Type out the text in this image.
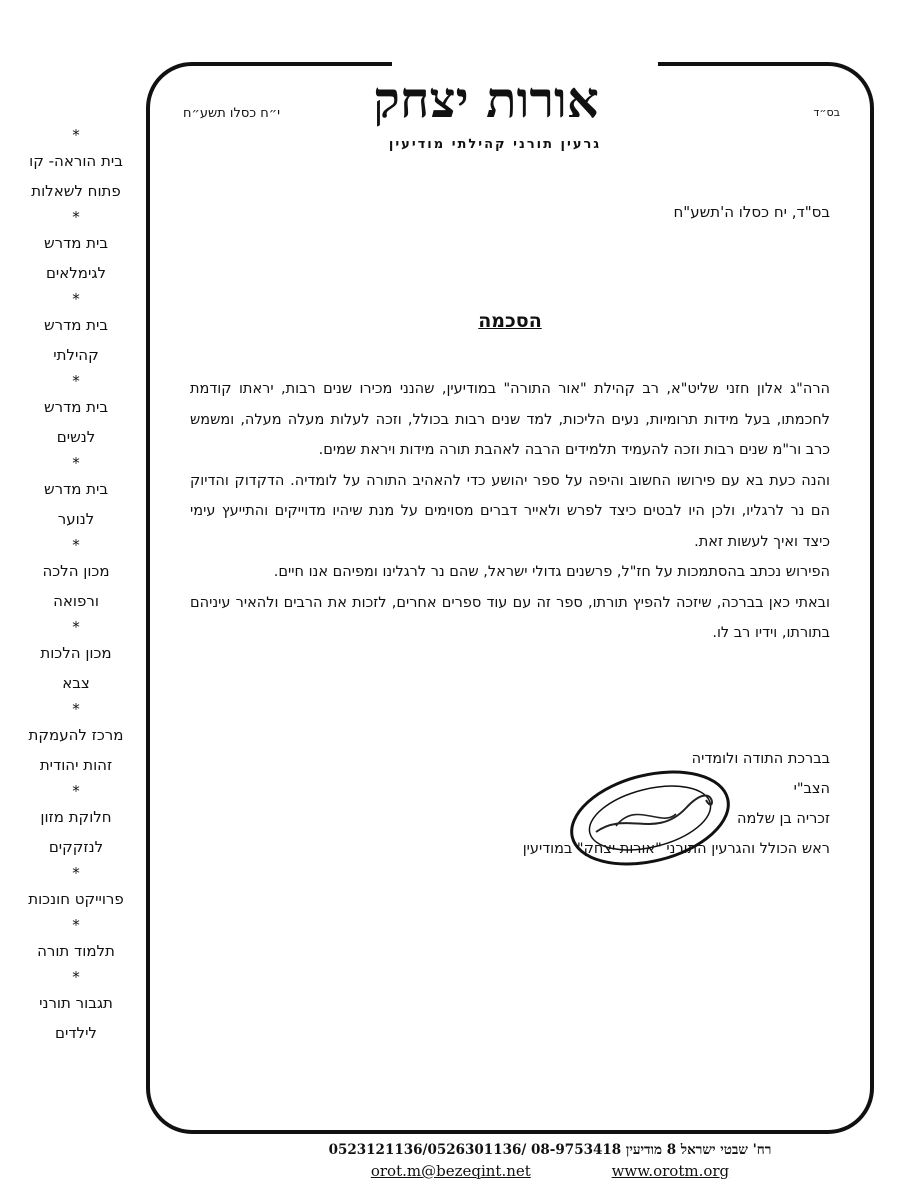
אורות יצחק
גרעין תורני קהילתי מודיעין
י״ח כסלו תשע״ח	בס״ד
*
בית הוראה- קו
פתוח לשאלות
*
בית מדרש
לגימלאים
*
בית מדרש
קהילתי
*
בית מדרש
לנשים
*
בית מדרש
לנוער
*
מכון הלכה
ורפואה
*
מכון הלכות
צבא
*
מרכז להעמקת
זהות יהודית
*
חלוקת מזון
לנזקקים
*
פרוייקט חונכות
*
תלמוד תורה
*
תגבור תורני
לילדים
בס"ד, יח כסלו ה'תשע"ח
הסכמה

הרה"ג אלון חזני שליט"א, רב קהילת "אור התורה" במודיעין, שהנני מכירו שנים רבות, יראתו קודמת לחכמתו, בעל מידות תרומיות, נעים הליכות, למד שנים רבות בכולל, וזכה לעלות מעלה מעלה, ומשמש כרב ור"מ שנים רבות וזכה להעמיד תלמידים הרבה לאהבת תורה מידות ויראת שמים.

והנה כעת בא עם פירושו החשוב והיפה על ספר יהושע כדי להאהיב התורה על לומדיה. הדקדוק והדיוק הם נר לרגליו, ולכן היו לבטים כיצד לפרש ולאייר דברים מסוימים על מנת שיהיו מדוייקים והתייעץ עימי כיצד ואיך לעשות זאת.

הפירוש נכתב בהסתמכות על חז"ל, פרשנים גדולי ישראל, שהם נר לרגלינו ומפיהם אנו חיים.

ובאתי כאן בברכה, שיזכה להפיץ תורתו, ספר זה עם עוד ספרים אחרים, לזכות את הרבים ולהאיר עיניהם בתורתו, וידיו רב לו.

בברכת התודה ולומדיה

הצב"י

זכריה בן שלמה

ראש הכולל והגרעין התורני "אורות יצחק" במודיעין

רח' שבטי ישראל 8 מודיעין 08-9753418 /0523121136/0526301136
orot.m@bezeqint.net	www.orotm.org
